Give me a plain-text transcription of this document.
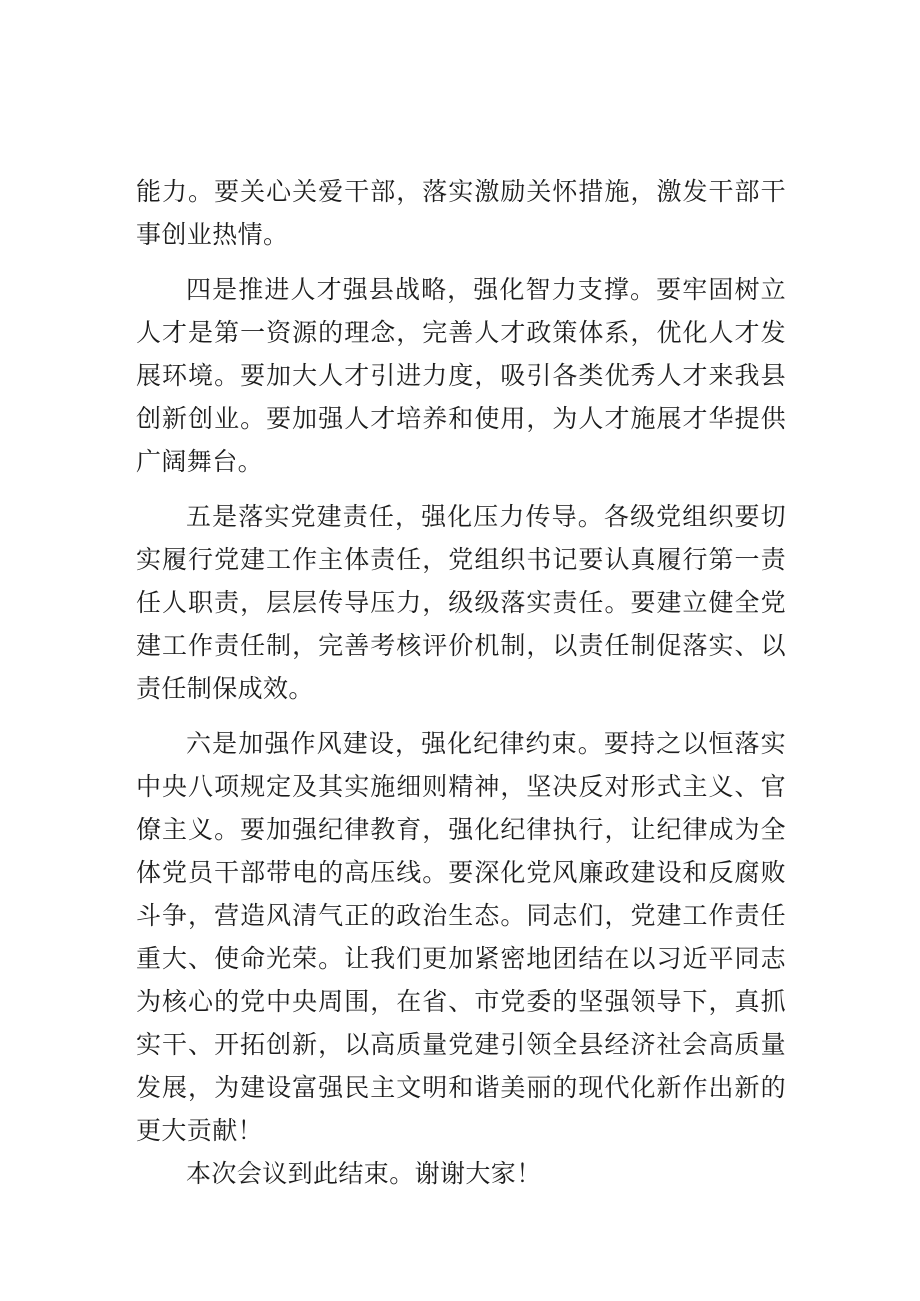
能力。要关心关爱干部，落实激励关怀措施，激发干部干事创业热情。

四是推进人才强县战略，强化智力支撑。要牢固树立人才是第一资源的理念，完善人才政策体系，优化人才发展环境。要加大人才引进力度，吸引各类优秀人才来我县创新创业。要加强人才培养和使用，为人才施展才华提供广阔舞台。

五是落实党建责任，强化压力传导。各级党组织要切实履行党建工作主体责任，党组织书记要认真履行第一责任人职责，层层传导压力，级级落实责任。要建立健全党建工作责任制，完善考核评价机制，以责任制促落实、以责任制保成效。

六是加强作风建设，强化纪律约束。要持之以恒落实中央八项规定及其实施细则精神，坚决反对形式主义、官僚主义。要加强纪律教育，强化纪律执行，让纪律成为全体党员干部带电的高压线。要深化党风廉政建设和反腐败斗争，营造风清气正的政治生态。同志们，党建工作责任重大、使命光荣。让我们更加紧密地团结在以习近平同志为核心的党中央周围，在省、市党委的坚强领导下，真抓实干、开拓创新，以高质量党建引领全县经济社会高质量发展，为建设富强民主文明和谐美丽的现代化新作出新的更大贡献！

本次会议到此结束。谢谢大家！
